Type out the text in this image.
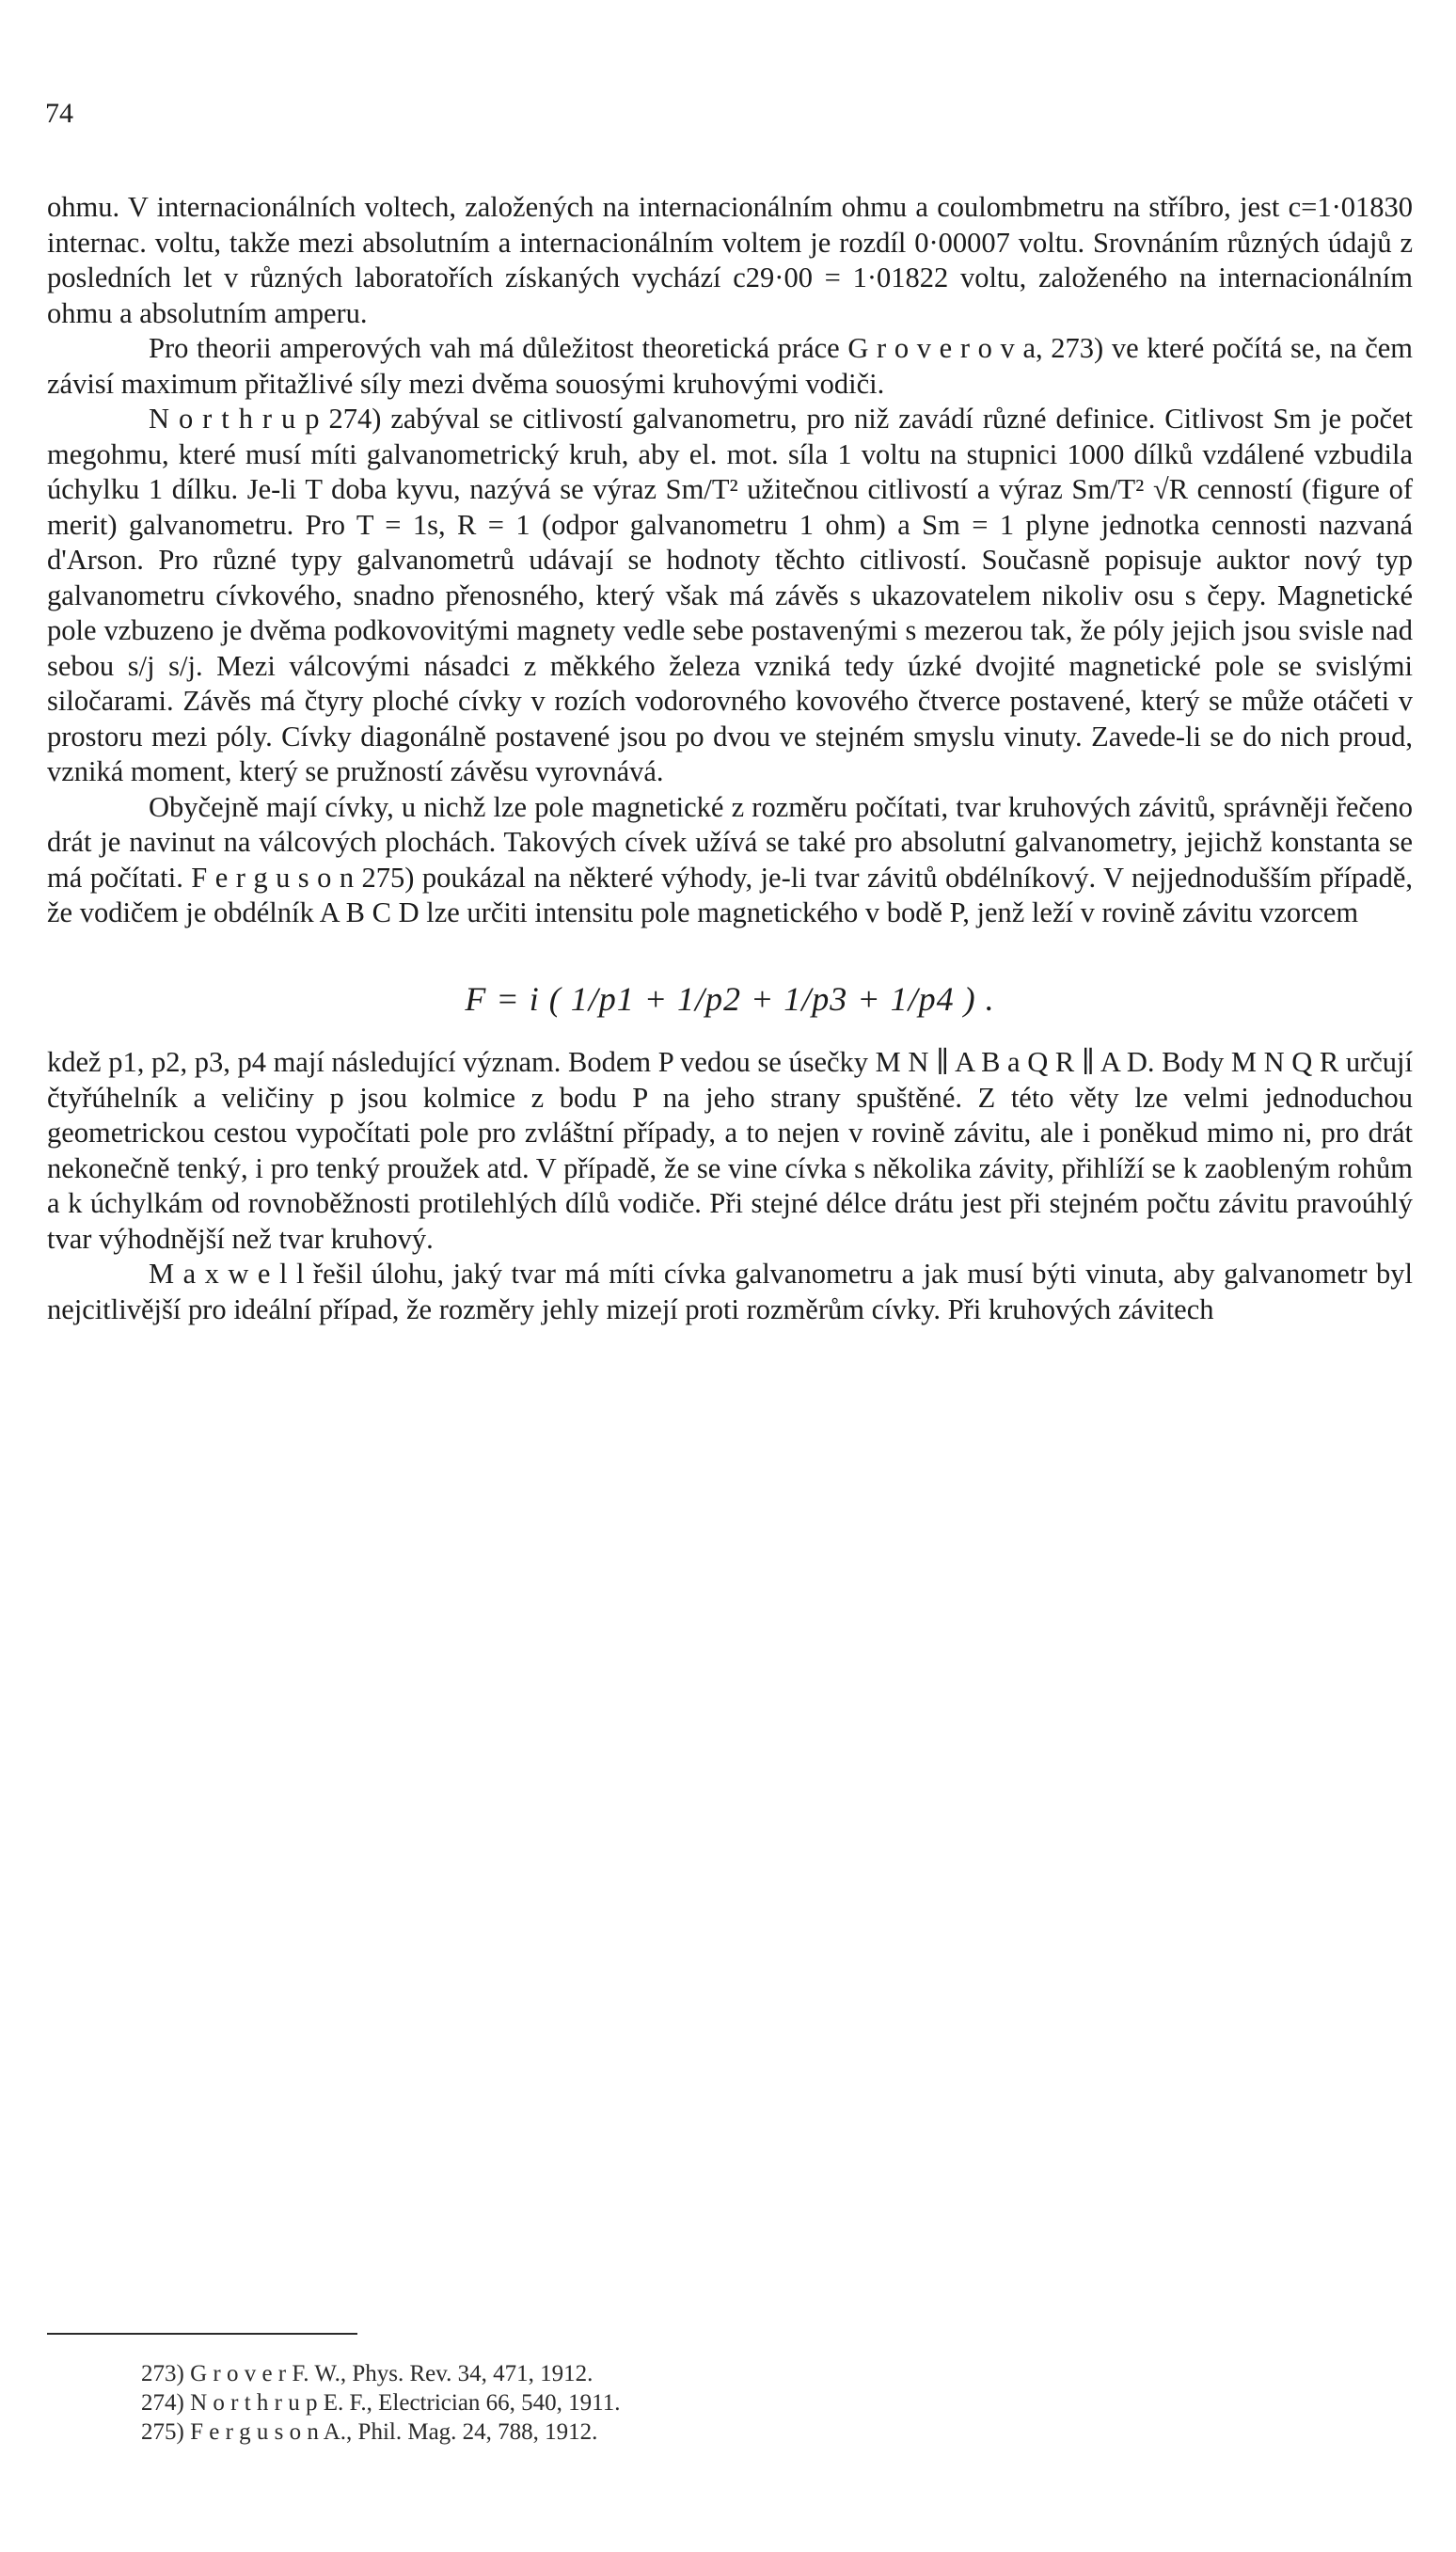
74

ohmu. V internacionálních voltech, založených na internacionálním ohmu a coulombmetru na stříbro, jest c=1·01830 internac. voltu, takže mezi absolutním a internacionálním voltem je rozdíl 0·00007 voltu. Srovnáním různých údajů z posledních let v různých laboratořích získaných vychází c29·00 = 1·01822 voltu, založeného na internacionálním ohmu a absolutním amperu.

Pro theorii amperových vah má důležitost theoretická práce G r o v e r o v a, 273) ve které počítá se, na čem závisí maximum přitažlivé síly mezi dvěma souosými kruhovými vodiči.

N o r t h r u p 274) zabýval se citlivostí galvanometru, pro niž zavádí různé definice. Citlivost Sm je počet megohmu, které musí míti galvanometrický kruh, aby el. mot. síla 1 voltu na stupnici 1000 dílků vzdálené vzbudila úchylku 1 dílku. Je-li T doba kyvu, nazývá se výraz Sm/T² užitečnou citlivostí a výraz Sm/T² √R cenností (figure of merit) galvanometru. Pro T = 1s, R = 1 (odpor galvanometru 1 ohm) a Sm = 1 plyne jednotka cennosti nazvaná d'Arson. Pro různé typy galvanometrů udávají se hodnoty těchto citlivostí. Současně popisuje auktor nový typ galvanometru cívkového, snadno přenosného, který však má závěs s ukazovatelem nikoliv osu s čepy. Magnetické pole vzbuzeno je dvěma podkovovitými magnety vedle sebe postavenými s mezerou tak, že póly jejich jsou svisle nad sebou s/j s/j. Mezi válcovými násadci z měkkého železa vzniká tedy úzké dvojité magnetické pole se svislými siločarami. Závěs má čtyry ploché cívky v rozích vodorovného kovového čtverce postavené, který se může otáčeti v prostoru mezi póly. Cívky diagonálně postavené jsou po dvou ve stejném smyslu vinuty. Zavede-li se do nich proud, vzniká moment, který se pružností závěsu vyrovnává.

Obyčejně mají cívky, u nichž lze pole magnetické z rozměru počítati, tvar kruhových závitů, správněji řečeno drát je navinut na válcových plochách. Takových cívek užívá se také pro absolutní galvanometry, jejichž konstanta se má počítati. F e r g u s o n 275) poukázal na některé výhody, je-li tvar závitů obdélníkový. V nejjednodušším případě, že vodičem je obdélník A B C D lze určiti intensitu pole magnetického v bodě P, jenž leží v rovině závitu vzorcem

F = i ( 1/p1 + 1/p2 + 1/p3 + 1/p4 ) .

kdež p1, p2, p3, p4 mají následující význam. Bodem P vedou se úsečky M N ∥ A B a Q R ∥ A D. Body M N Q R určují čtyřúhelník a veličiny p jsou kolmice z bodu P na jeho strany spuštěné. Z této věty lze velmi jednoduchou geometrickou cestou vypočítati pole pro zvláštní případy, a to nejen v rovině závitu, ale i poněkud mimo ni, pro drát nekonečně tenký, i pro tenký proužek atd. V případě, že se vine cívka s několika závity, přihlíží se k zaobleným rohům a k úchylkám od rovnoběžnosti protilehlých dílů vodiče. Při stejné délce drátu jest při stejném počtu závitu pravoúhlý tvar výhodnější než tvar kruhový.

M a x w e l l řešil úlohu, jaký tvar má míti cívka galvanometru a jak musí býti vinuta, aby galvanometr byl nejcitlivější pro ideální případ, že rozměry jehly mizejí proti rozměrům cívky. Při kruhových závitech

273) G r o v e r F. W., Phys. Rev. 34, 471, 1912.
274) N o r t h r u p E. F., Electrician 66, 540, 1911.
275) F e r g u s o n A., Phil. Mag. 24, 788, 1912.
